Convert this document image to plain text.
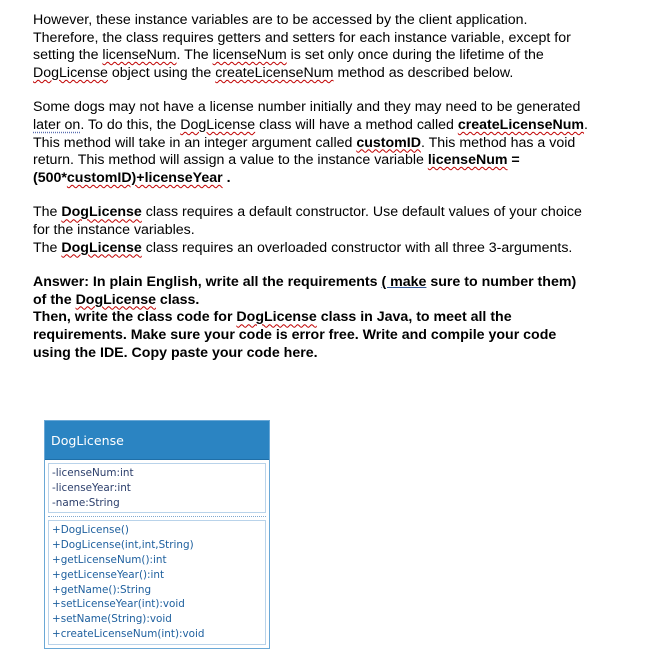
However, these instance variables are to be accessed by the client application.
Therefore, the class requires getters and setters for each instance variable, except for
setting the licenseNum. The licenseNum is set only once during the lifetime of the
DogLicense object using the createLicenseNum method as described below.
Some dogs may not have a license number initially and they may need to be generated
later on. To do this, the DogLicense class will have a method called createLicenseNum.
This method will take in an integer argument called customID. This method has a void
return. This method will assign a value to the instance variable licenseNum =
(500*customID)+licenseYear .
The DogLicense class requires a default constructor. Use default values of your choice
for the instance variables.
The DogLicense class requires an overloaded constructor with all three 3-arguments.
Answer: In plain English, write all the requirements ( make sure to number them)
of the DogLicense class.
Then, write the class code for DogLicense class in Java, to meet all the
requirements. Make sure your code is error free. Write and compile your code
using the IDE. Copy paste your code here.
DogLicense
-licenseNum:int
-licenseYear:int
-name:String
+DogLicense()
+DogLicense(int,int,String)
+getLicenseNum():int
+getLicenseYear():int
+getName():String
+setLicenseYear(int):void
+setName(String):void
+createLicenseNum(int):void
